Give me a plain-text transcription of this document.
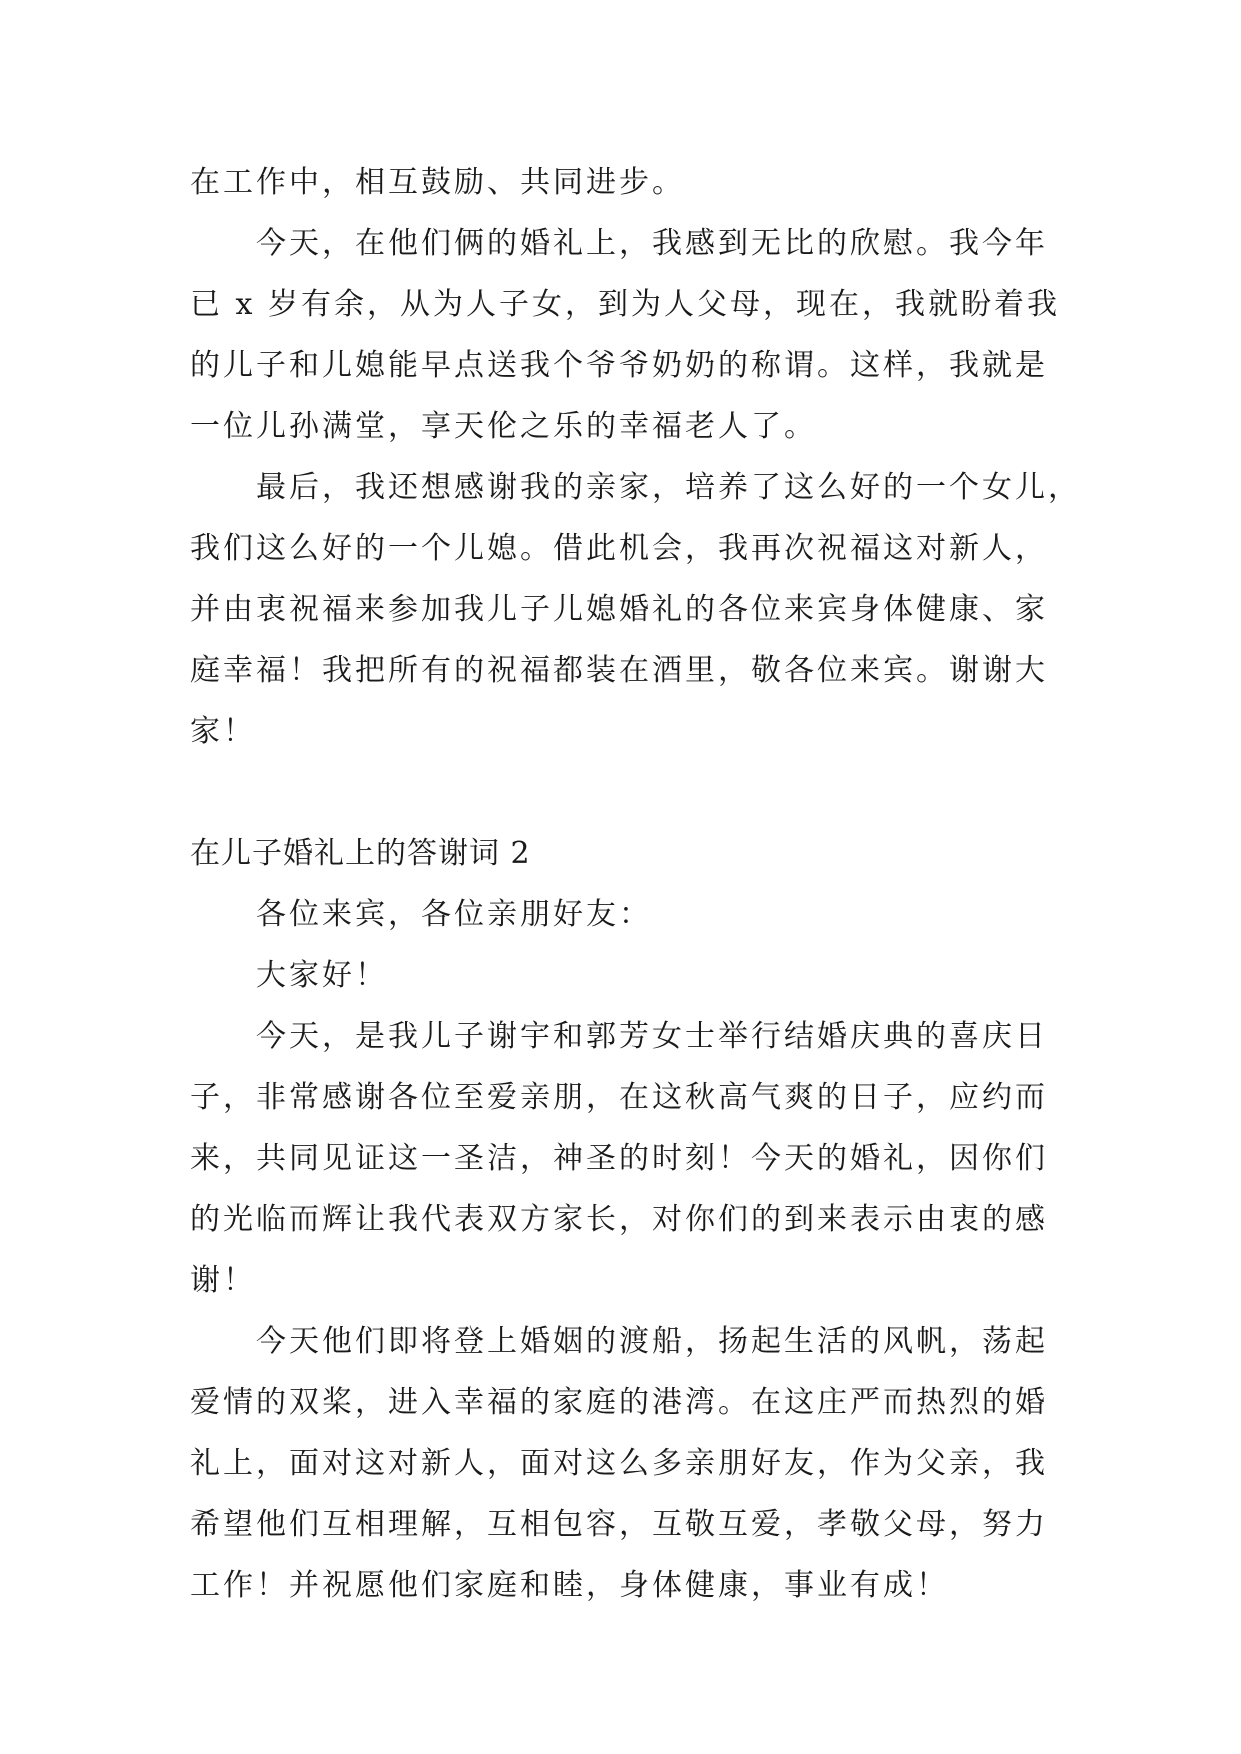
在工作中，相互鼓励、共同进步。
今天，在他们俩的婚礼上，我感到无比的欣慰。我今年
已 x 岁有余，从为人子女，到为人父母，现在，我就盼着我
的儿子和儿媳能早点送我个爷爷奶奶的称谓。这样，我就是
一位儿孙满堂，享天伦之乐的幸福老人了。
最后，我还想感谢我的亲家，培养了这么好的一个女儿，
我们这么好的一个儿媳。借此机会，我再次祝福这对新人，
并由衷祝福来参加我儿子儿媳婚礼的各位来宾身体健康、家
庭幸福！我把所有的祝福都装在酒里，敬各位来宾。谢谢大
家！
在儿子婚礼上的答谢词 2
各位来宾，各位亲朋好友：
大家好！
今天，是我儿子谢宇和郭芳女士举行结婚庆典的喜庆日
子，非常感谢各位至爱亲朋，在这秋高气爽的日子，应约而
来，共同见证这一圣洁，神圣的时刻！今天的婚礼，因你们
的光临而辉让我代表双方家长，对你们的到来表示由衷的感
谢！
今天他们即将登上婚姻的渡船，扬起生活的风帆，荡起
爱情的双桨，进入幸福的家庭的港湾。在这庄严而热烈的婚
礼上，面对这对新人，面对这么多亲朋好友，作为父亲，我
希望他们互相理解，互相包容，互敬互爱，孝敬父母，努力
工作！并祝愿他们家庭和睦，身体健康，事业有成！
